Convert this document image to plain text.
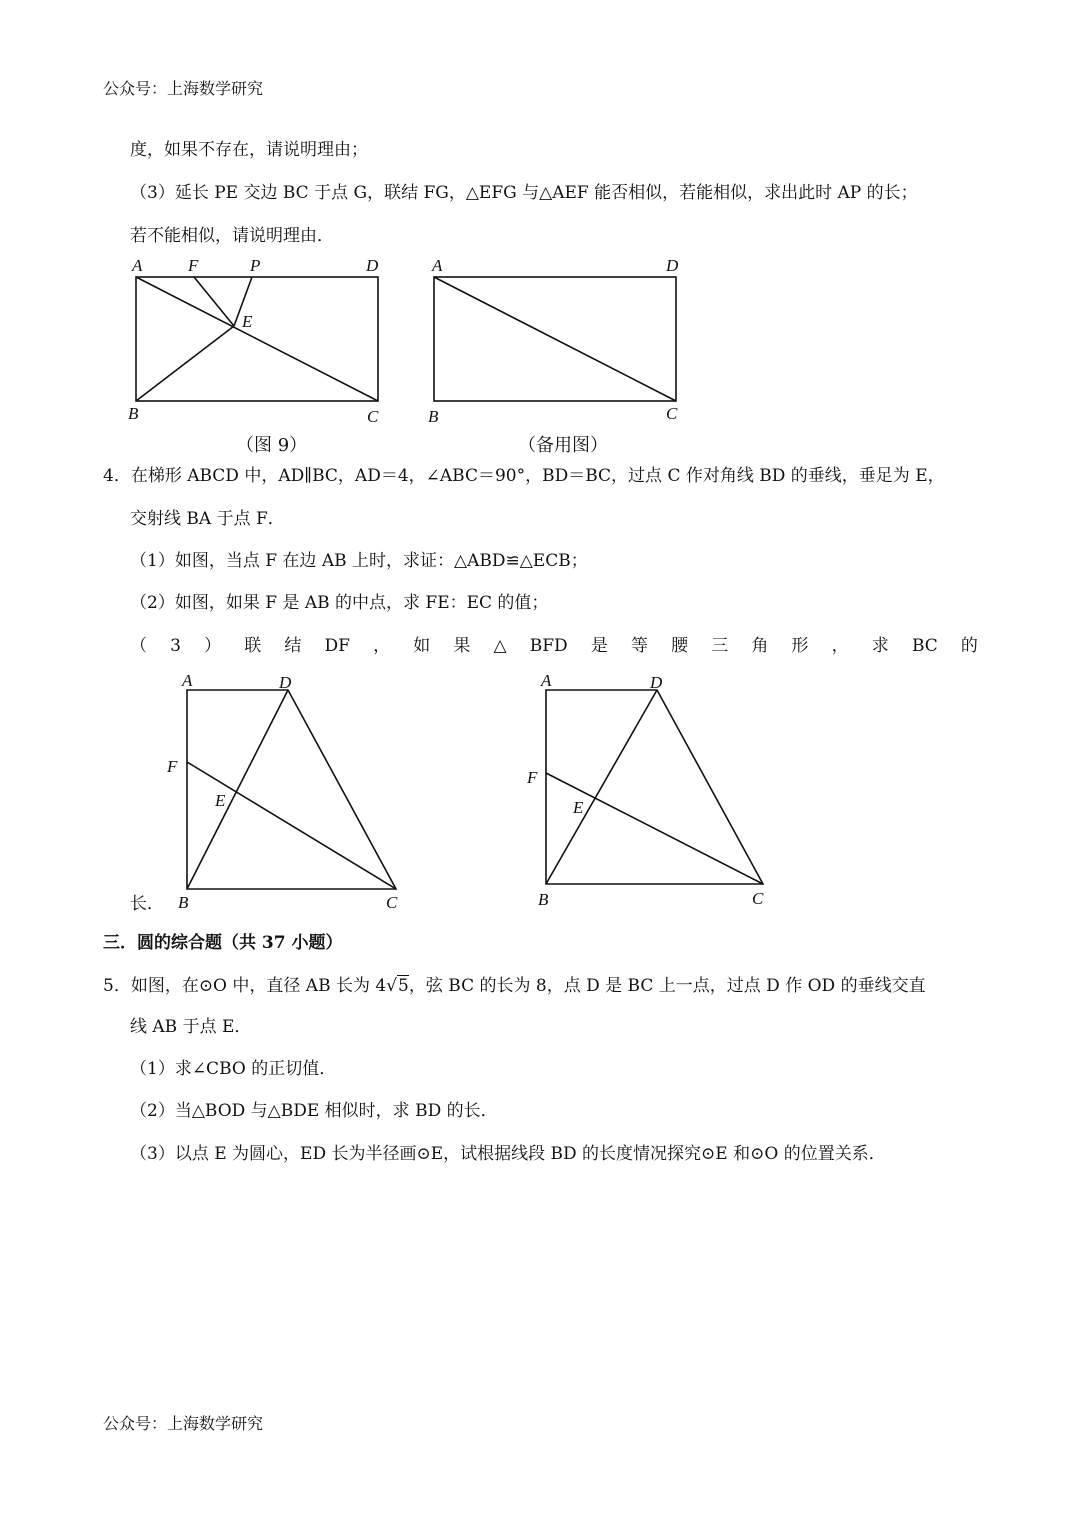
公众号：上海数学研究
度，如果不存在，请说明理由；
（3）延长 PE 交边 BC 于点 G，联结 FG，△EFG 与△AEF 能否相似，若能相似，求出此时 AP 的长；
若不能相似，请说明理由．
A	F	P	D
E
B	C
A	D
B	C
（图 9）	（备用图）
4．在梯形 ABCD 中，AD∥BC，AD＝4，∠ABC＝90°，BD＝BC，过点 C 作对角线 BD 的垂线，垂足为 E，
交射线 BA 于点 F．
（1）如图，当点 F 在边 AB 上时，求证：△ABD≌△ECB；
（2）如图，如果 F 是 AB 的中点，求 FE：EC 的值；
（ 3 ） 联 结 DF ， 如 果 △ BFD 是 等 腰 三 角 形 ， 求 BC 的
A	D
F
E
B	C
A	D
F
E
B	C
长．
三．圆的综合题（共 37 小题）
5．如图，在⊙O 中，直径 AB 长为 4√5，弦 BC 的长为 8，点 D 是 BC 上一点，过点 D 作 OD 的垂线交直
线 AB 于点 E．
（1）求∠CBO 的正切值．
（2）当△BOD 与△BDE 相似时，求 BD 的长．
（3）以点 E 为圆心，ED 长为半径画⊙E，试根据线段 BD 的长度情况探究⊙E 和⊙O 的位置关系．
公众号：上海数学研究
